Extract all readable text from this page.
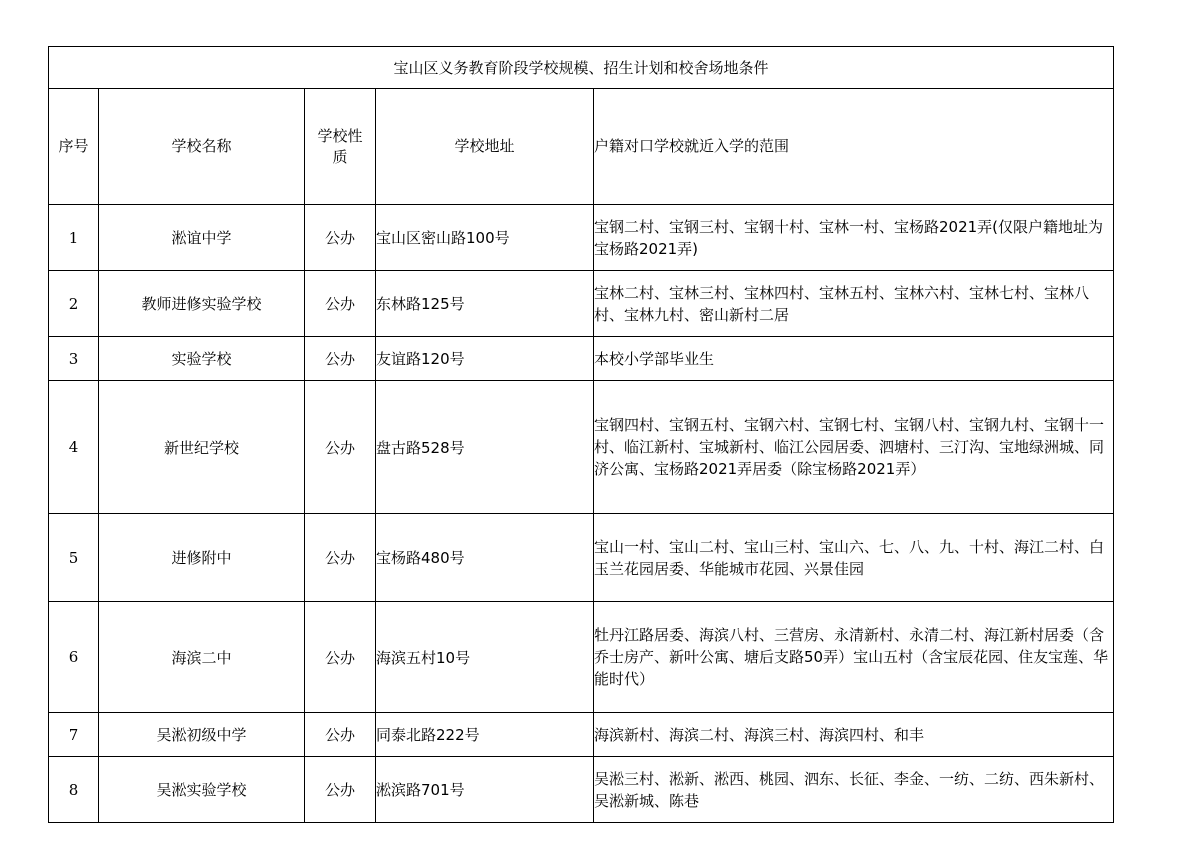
宝山区义务教育阶段学校规模、招生计划和校舍场地条件				
序号	学校名称	学校性质	学校地址	户籍对口学校就近入学的范围
1	淞谊中学	公办	宝山区密山路100号	宝钢二村、宝钢三村、宝钢十村、宝林一村、宝杨路2021弄(仅限户籍地址为宝杨路2021弄)
2	教师进修实验学校	公办	东林路125号	宝林二村、宝林三村、宝林四村、宝林五村、宝林六村、宝林七村、宝林八村、宝林九村、密山新村二居
3	实验学校	公办	友谊路120号	本校小学部毕业生
4	新世纪学校	公办	盘古路528号	宝钢四村、宝钢五村、宝钢六村、宝钢七村、宝钢八村、宝钢九村、宝钢十一村、临江新村、宝城新村、临江公园居委、泗塘村、三汀沟、宝地绿洲城、同济公寓、宝杨路2021弄居委（除宝杨路2021弄）
5	进修附中	公办	宝杨路480号	宝山一村、宝山二村、宝山三村、宝山六、七、八、九、十村、海江二村、白玉兰花园居委、华能城市花园、兴景佳园
6	海滨二中	公办	海滨五村10号	牡丹江路居委、海滨八村、三营房、永清新村、永清二村、海江新村居委（含乔士房产、新叶公寓、塘后支路50弄）宝山五村（含宝辰花园、住友宝莲、华能时代）
7	吴淞初级中学	公办	同泰北路222号	海滨新村、海滨二村、海滨三村、海滨四村、和丰
8	吴淞实验学校	公办	淞滨路701号	吴淞三村、淞新、淞西、桃园、泗东、长征、李金、一纺、二纺、西朱新村、吴淞新城、陈巷
